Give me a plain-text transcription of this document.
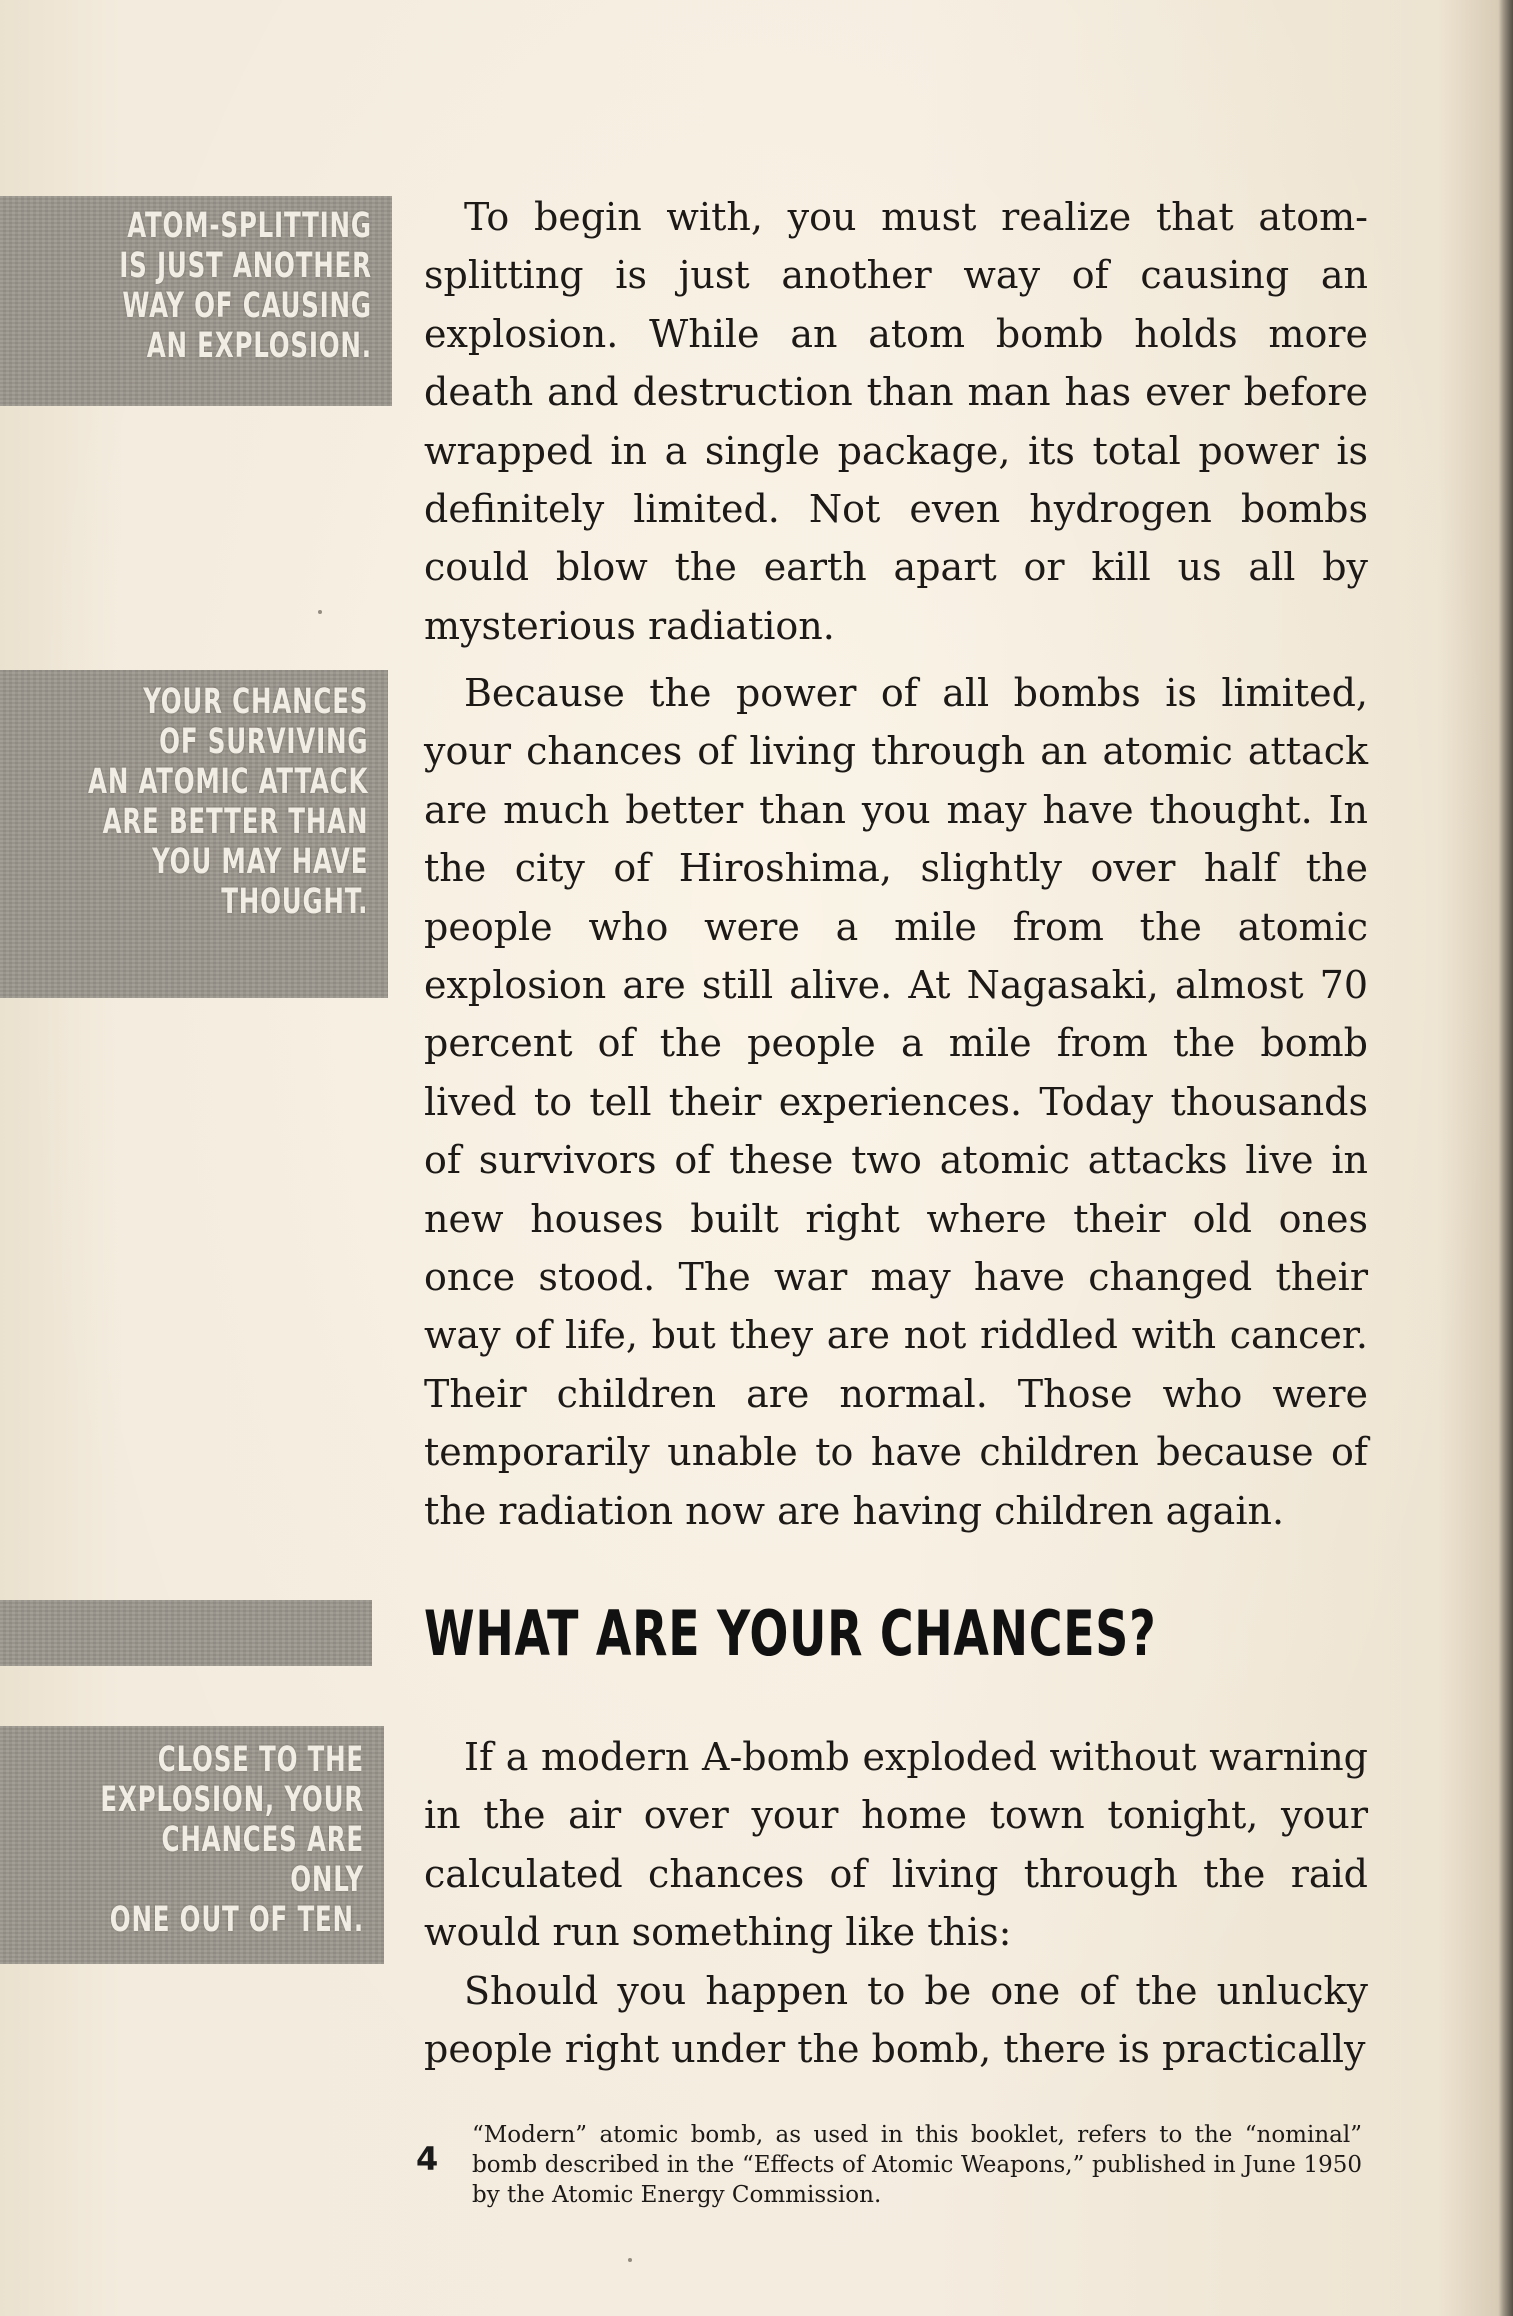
ATOM-SPLITTING
IS JUST ANOTHER
WAY OF CAUSING
AN EXPLOSION.
YOUR CHANCES
OF SURVIVING
AN ATOMIC ATTACK
ARE BETTER THAN
YOU MAY HAVE
THOUGHT.
CLOSE TO THE
EXPLOSION, YOUR
CHANCES ARE ONLY
ONE OUT OF TEN.

To begin with, you must realize that atom-splitting is just another way of causing an explosion. While an atom bomb holds more death and destruction than man has ever before wrapped in a single package, its total power is definitely limited. Not even hydrogen bombs could blow the earth apart or kill us all by mysterious radiation.

Because the power of all bombs is limited, your chances of living through an atomic attack are much better than you may have thought. In the city of Hiroshima, slightly over half the people who were a mile from the atomic explosion are still alive. At Nagasaki, almost 70 percent of the people a mile from the bomb lived to tell their experiences. Today thousands of survivors of these two atomic attacks live in new houses built right where their old ones once stood. The war may have changed their way of life, but they are not riddled with cancer. Their children are normal. Those who were temporarily unable to have children because of the radiation now are having children again.

WHAT ARE YOUR CHANCES?

If a modern A-bomb exploded without warning in the air over your home town tonight, your calculated chances of living through the raid would run something like this:

Should you happen to be one of the unlucky people right under the bomb, there is practically

4

“Modern” atomic bomb, as used in this booklet, refers to the “nominal” bomb described in the “Effects of Atomic Weapons,” published in June 1950 by the Atomic Energy Commission.
